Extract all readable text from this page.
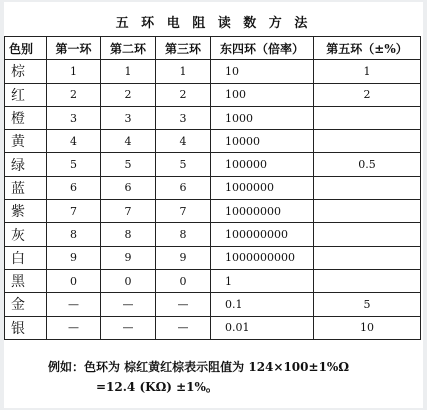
五 环 电 阻 读 数 方 法
色别	第一环	第二环	第三环	东四环（倍率）	第五环（±%）
棕	1	1	1	10	1
红	2	2	2	100	2
橙	3	3	3	1000	
黄	4	4	4	10000	
绿	5	5	5	100000	0.5
蓝	6	6	6	1000000	
紫	7	7	7	10000000	
灰	8	8	8	100000000	
白	9	9	9	1000000000	
黑	0	0	0	1	
金	—	—	—	0.1	5
银	—	—	—	0.01	10
例如：色环为 棕红黄红棕表示阻值为 124×100±1%Ω
=12.4 (KΩ) ±1%。
